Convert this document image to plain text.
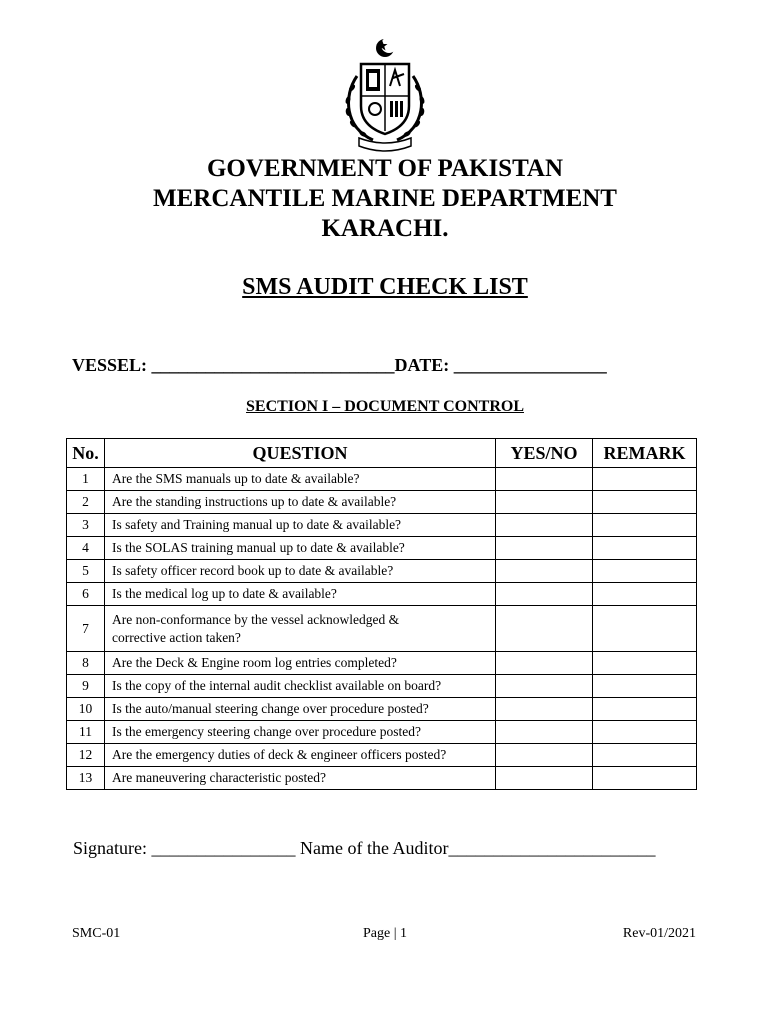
GOVERNMENT OF PAKISTAN
MERCANTILE MARINE DEPARTMENT
KARACHI.
SMS AUDIT CHECK LIST
VESSEL: ___________________________DATE: _________________
SECTION I – DOCUMENT CONTROL
No.	QUESTION	YES/NO	REMARK
1	Are the SMS manuals up to date & available?		
2	Are the standing instructions up to date & available?		
3	Is safety and Training manual up to date & available?		
4	Is the SOLAS training manual up to date & available?		
5	Is safety officer record book up to date & available?		
6	Is the medical log up to date & available?		
7	Are non-conformance by the vessel acknowledged & corrective action taken?		
8	Are the Deck & Engine room log entries completed?		
9	Is the copy of the internal audit checklist available on board?		
10	Is the auto/manual steering change over procedure posted?		
11	Is the emergency steering change over procedure posted?		
12	Are the emergency duties of deck & engineer officers posted?		
13	Are maneuvering characteristic posted?		
Signature: ________________ Name of the Auditor_______________________
SMC-01	Page | 1	Rev-01/2021
